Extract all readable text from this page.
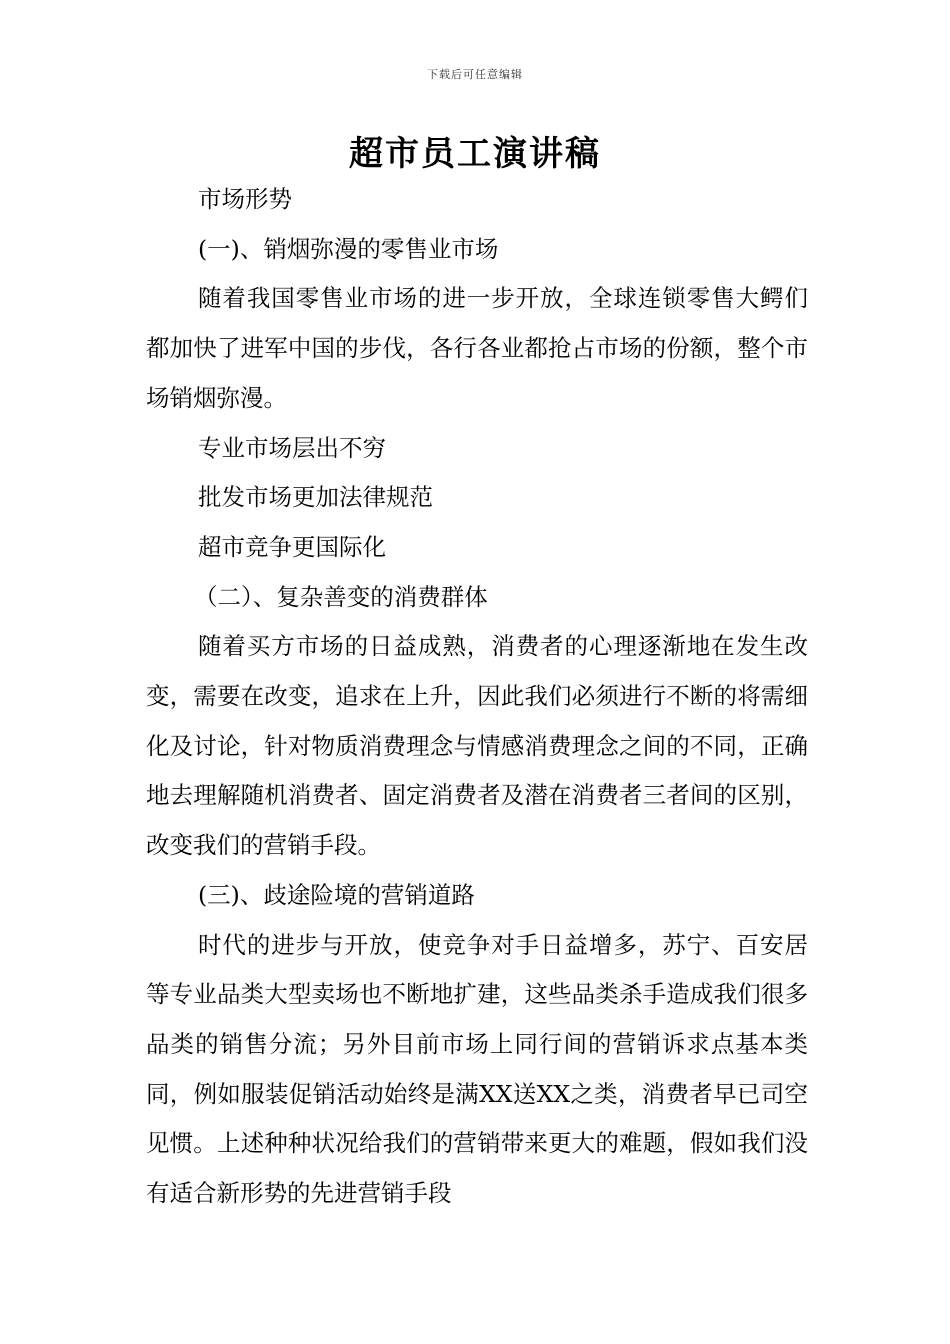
下载后可任意编辑
超市员工演讲稿

市场形势

(一)、销烟弥漫的零售业市场

随着我国零售业市场的进一步开放，全球连锁零售大鳄们都加快了进军中国的步伐，各行各业都抢占市场的份额，整个市场销烟弥漫。

专业市场层出不穷

批发市场更加法律规范

超市竞争更国际化

（二）、复杂善变的消费群体

随着买方市场的日益成熟，消费者的心理逐渐地在发生改变，需要在改变，追求在上升，因此我们必须进行不断的将需细化及讨论，针对物质消费理念与情感消费理念之间的不同，正确地去理解随机消费者、固定消费者及潜在消费者三者间的区别，改变我们的营销手段。

(三)、歧途险境的营销道路

时代的进步与开放，使竞争对手日益增多，苏宁、百安居等专业品类大型卖场也不断地扩建，这些品类杀手造成我们很多品类的销售分流；另外目前市场上同行间的营销诉求点基本类同，例如服装促销活动始终是满XX送XX之类，消费者早已司空见惯。上述种种状况给我们的营销带来更大的难题，假如我们没有适合新形势的先进营销手段
